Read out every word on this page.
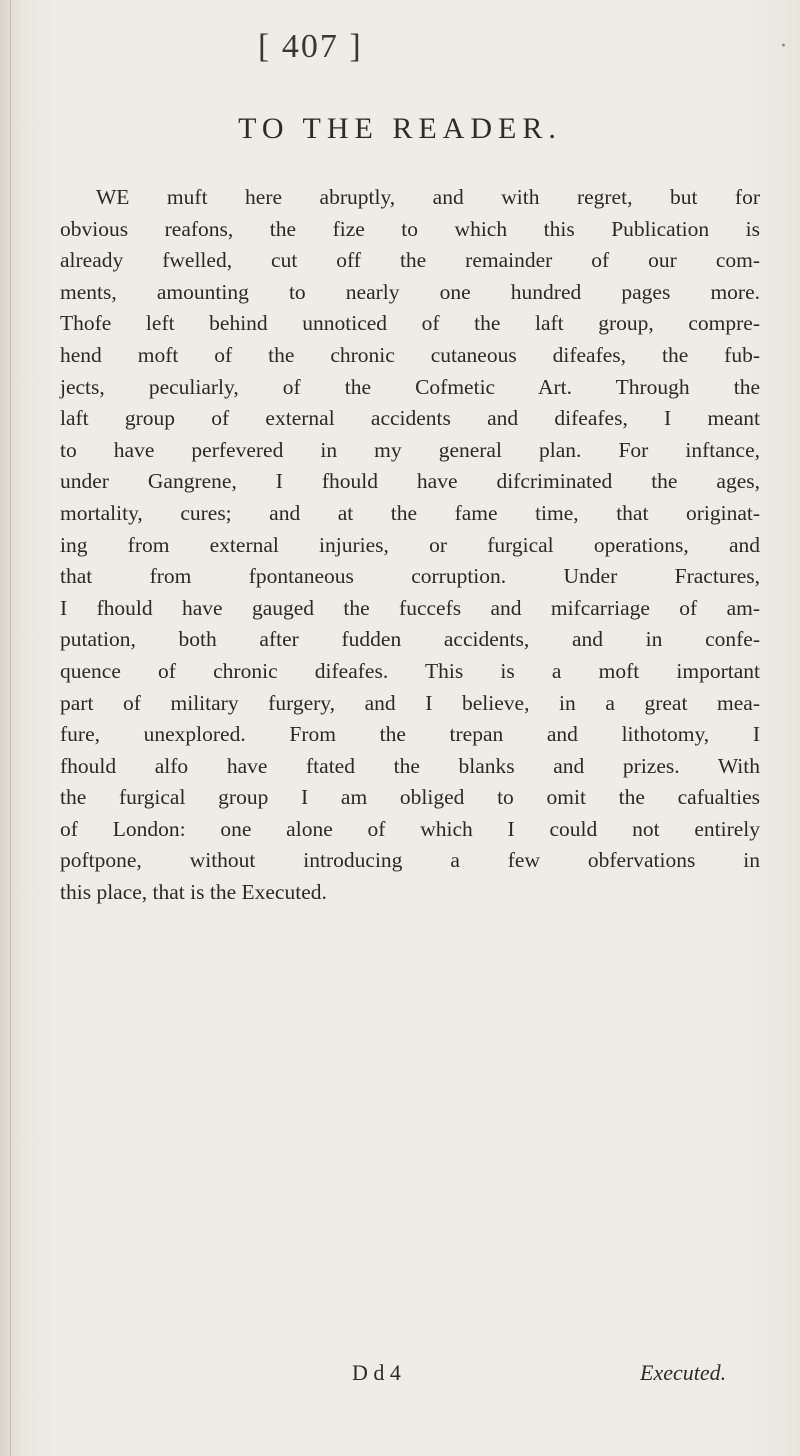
[ 407 ]	·
TO THE READER.
WE muft here abruptly, and with regret, but for
obvious reafons, the fize to which this Publication is
already fwelled, cut off the remainder of our com-
ments, amounting to nearly one hundred pages more.
Thofe left behind unnoticed of the laft group, compre-
hend moft of the chronic cutaneous difeafes, the fub-
jects, peculiarly, of the Cofmetic Art. Through the
laft group of external accidents and difeafes, I meant
to have perfevered in my general plan. For inftance,
under Gangrene, I fhould have difcriminated the ages,
mortality, cures; and at the fame time, that originat-
ing from external injuries, or furgical operations, and
that from fpontaneous corruption. Under Fractures,
I fhould have gauged the fuccefs and mifcarriage of am-
putation, both after fudden accidents, and in confe-
quence of chronic difeafes. This is a moft important
part of military furgery, and I believe, in a great mea-
fure, unexplored. From the trepan and lithotomy, I
fhould alfo have ftated the blanks and prizes. With
the furgical group I am obliged to omit the cafualties
of London: one alone of which I could not entirely
poftpone, without introducing a few obfervations in
this place, that is the Executed.
D d 4	Executed.
